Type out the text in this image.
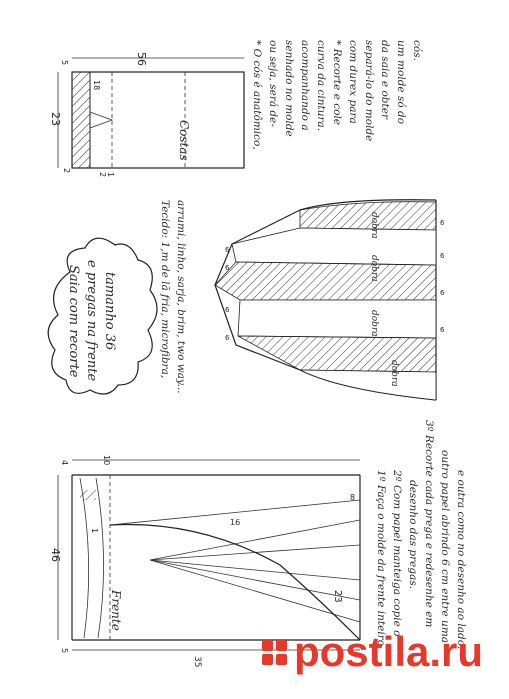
Costas
56
23
2
5
18
2 1
* O cós é anatômico, ou seja, será de- senhado no molde acompanhando a curva da cintura. * Recorte e cole com durex para separá-lo do molde da saia e obter um molde só do cós.
Saia com recorte e pregas na frente tamanho 36	Tecido: 1,m de lã fria, microfibra, arrumi, linho, sarja, brim, two way...	dobra
dobra
dobra
dobra
6
6
6
6
6
6
6
6
Frente
46
23
4
5
10
8
16
35
1	1º Faça o molde da frente inteiro. 2º Com papel manteiga copie o desenho das pregas. 3º Recorte cada prega e redesenhe em outro papel abrindo 6 cm entre uma e outra como no desenho ao lado.
postila.ru
